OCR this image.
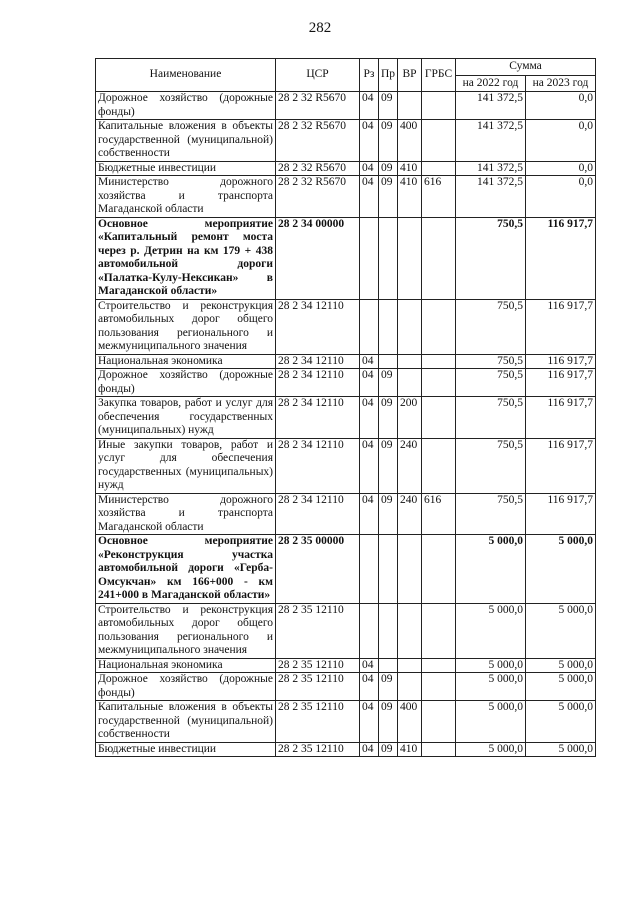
282
Наименование	ЦСР	Рз	Пр	ВР	ГРБС	Сумма	
						на 2022 год	на 2023 год
Дорожное хозяйство (дорожные фонды)	28 2 32 R5670	04	09			141 372,5	0,0
Капитальные вложения в объекты государственной (муниципальной) собственности	28 2 32 R5670	04	09	400		141 372,5	0,0
Бюджетные инвестиции	28 2 32 R5670	04	09	410		141 372,5	0,0
Министерство дорожного хозяйства и транспорта Магаданской области	28 2 32 R5670	04	09	410	616	141 372,5	0,0
Основное мероприятие «Капитальный ремонт моста через р. Детрин на км 179 + 438 автомобильной дороги «Палатка-Кулу-Нексикан» в Магаданской области»	28 2 34 00000					750,5	116 917,7
Строительство и реконструкция автомобильных дорог общего пользования регионального и межмуниципального значения	28 2 34 12110					750,5	116 917,7
Национальная экономика	28 2 34 12110	04				750,5	116 917,7
Дорожное хозяйство (дорожные фонды)	28 2 34 12110	04	09			750,5	116 917,7
Закупка товаров, работ и услуг для обеспечения государственных (муниципальных) нужд	28 2 34 12110	04	09	200		750,5	116 917,7
Иные закупки товаров, работ и услуг для обеспечения государственных (муниципальных) нужд	28 2 34 12110	04	09	240		750,5	116 917,7
Министерство дорожного хозяйства и транспорта Магаданской области	28 2 34 12110	04	09	240	616	750,5	116 917,7
Основное мероприятие «Реконструкция участка автомобильной дороги «Герба-Омсукчан» км 166+000 - км 241+000 в Магаданской области»	28 2 35 00000					5 000,0	5 000,0
Строительство и реконструкция автомобильных дорог общего пользования регионального и межмуниципального значения	28 2 35 12110					5 000,0	5 000,0
Национальная экономика	28 2 35 12110	04				5 000,0	5 000,0
Дорожное хозяйство (дорожные фонды)	28 2 35 12110	04	09			5 000,0	5 000,0
Капитальные вложения в объекты государственной (муниципальной) собственности	28 2 35 12110	04	09	400		5 000,0	5 000,0
Бюджетные инвестиции	28 2 35 12110	04	09	410		5 000,0	5 000,0
